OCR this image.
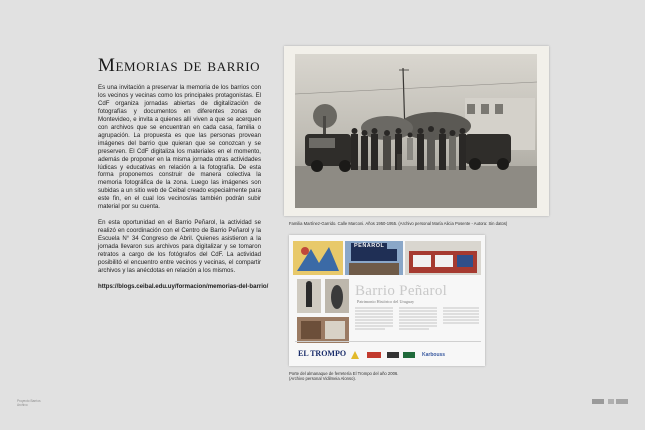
Memorias de barrio

Es una invitación a preservar la memoria de los barrios con los vecinos y vecinas como los principales protagonistas. El CdF organiza jornadas abiertas de digitalización de fotografías y documentos en diferentes zonas de Montevideo, e invita a quienes allí viven a que se acerquen con archivos que se encuentran en cada casa, familia o agrupación. La propuesta es que las personas provean imágenes del barrio que quieran que se conozcan y se preserven. El CdF digitaliza los materiales en el momento, además de proponer en la misma jornada otras actividades lúdicas y educativas en relación a la fotografía. De esta forma proponemos construir de manera colectiva la memoria fotográfica de la zona. Luego las imágenes son subidas a un sitio web de Ceibal creado especialmente para este fin, en el cual los vecinos/as también podrán subir material por su cuenta.

En esta oportunidad en el Barrio Peñarol, la actividad se realizó en coordinación con el Centro de Barrio Peñarol y la Escuela N° 34 Congreso de Abril. Quienes asistieron a la jornada llevaron sus archivos para digitalizar y se tomaron retratos a cargo de los fotógrafos del CdF. La actividad posibilitó el encuentro entre vecinos y vecinas, el compartir archivos y las anécdotas en relación a los mismos.

https://blogs.ceibal.edu.uy/formacion/memorias-del-barrio/

Familia Martínez-Garrido. Calle Marconi. Años 1950-1955. (Archivo personal María Alicia Posente - Autora: Sin datos)
PEÑAROL
Barrio Peñarol
Patrimonio Histórico del Uruguay
EL TROMPO	Karbouss
Porte del almanaque de ferretería El Trompo del año 2006.
(Archivo personal Vidilmeia Alonso).
Proyecto Barrios
Archivo
